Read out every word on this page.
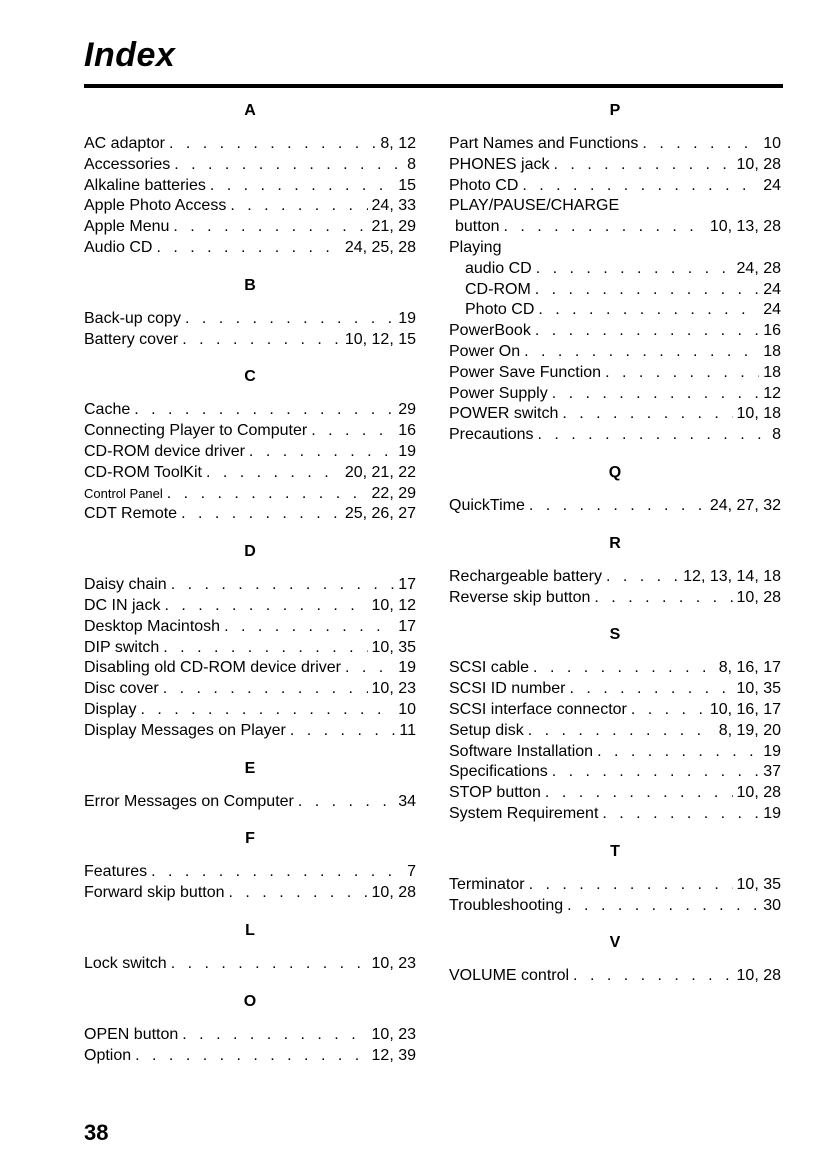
Index
A
AC adaptor . . .	8, 12
Accessories . . .	8
Alkaline batteries . . .	15
Apple Photo Access . . .	24, 33
Apple Menu . . .	21, 29
Audio CD . . .	24, 25, 28
B
Back-up copy . . .	19
Battery cover . . .	10, 12, 15
C
Cache . . .	29
Connecting Player to Computer . . .	16
CD-ROM device driver . . .	19
CD-ROM ToolKit . . .	20, 21, 22
Control Panel . . .	22, 29
CDT Remote . . .	25, 26, 27
D
Daisy chain . . .	17
DC IN jack . . .	10, 12
Desktop Macintosh . . .	17
DIP switch . . .	10, 35
Disabling old CD-ROM device driver . . .	19
Disc cover . . .	10, 23
Display . . .	10
Display Messages on Player . . .	11
E
Error Messages on Computer . . .	34
F
Features . . .	7
Forward skip button . . .	10, 28
L
Lock switch . . .	10, 23
O
OPEN button . . .	10, 23
Option . . .	12, 39
P
Part Names and Functions . . .	10
PHONES jack . . .	10, 28
Photo CD . . .	24
PLAY/PAUSE/CHARGE
button . . .	10, 13, 28
Playing
audio CD . . .	24, 28
CD-ROM . . .	24
Photo CD . . .	24
PowerBook . . .	16
Power On . . .	18
Power Save Function . . .	18
Power Supply . . .	12
POWER switch . . .	10, 18
Precautions . . .	8
Q
QuickTime . . .	24, 27, 32
R
Rechargeable battery . . .	12, 13, 14, 18
Reverse skip button . . .	10, 28
S
SCSI cable . . .	8, 16, 17
SCSI ID number . . .	10, 35
SCSI interface connector . . .	10, 16, 17
Setup disk . . .	8, 19, 20
Software Installation . . .	19
Specifications . . .	37
STOP button . . .	10, 28
System Requirement . . .	19
T
Terminator . . .	10, 35
Troubleshooting . . .	30
V
VOLUME control . . .	10, 28
38
